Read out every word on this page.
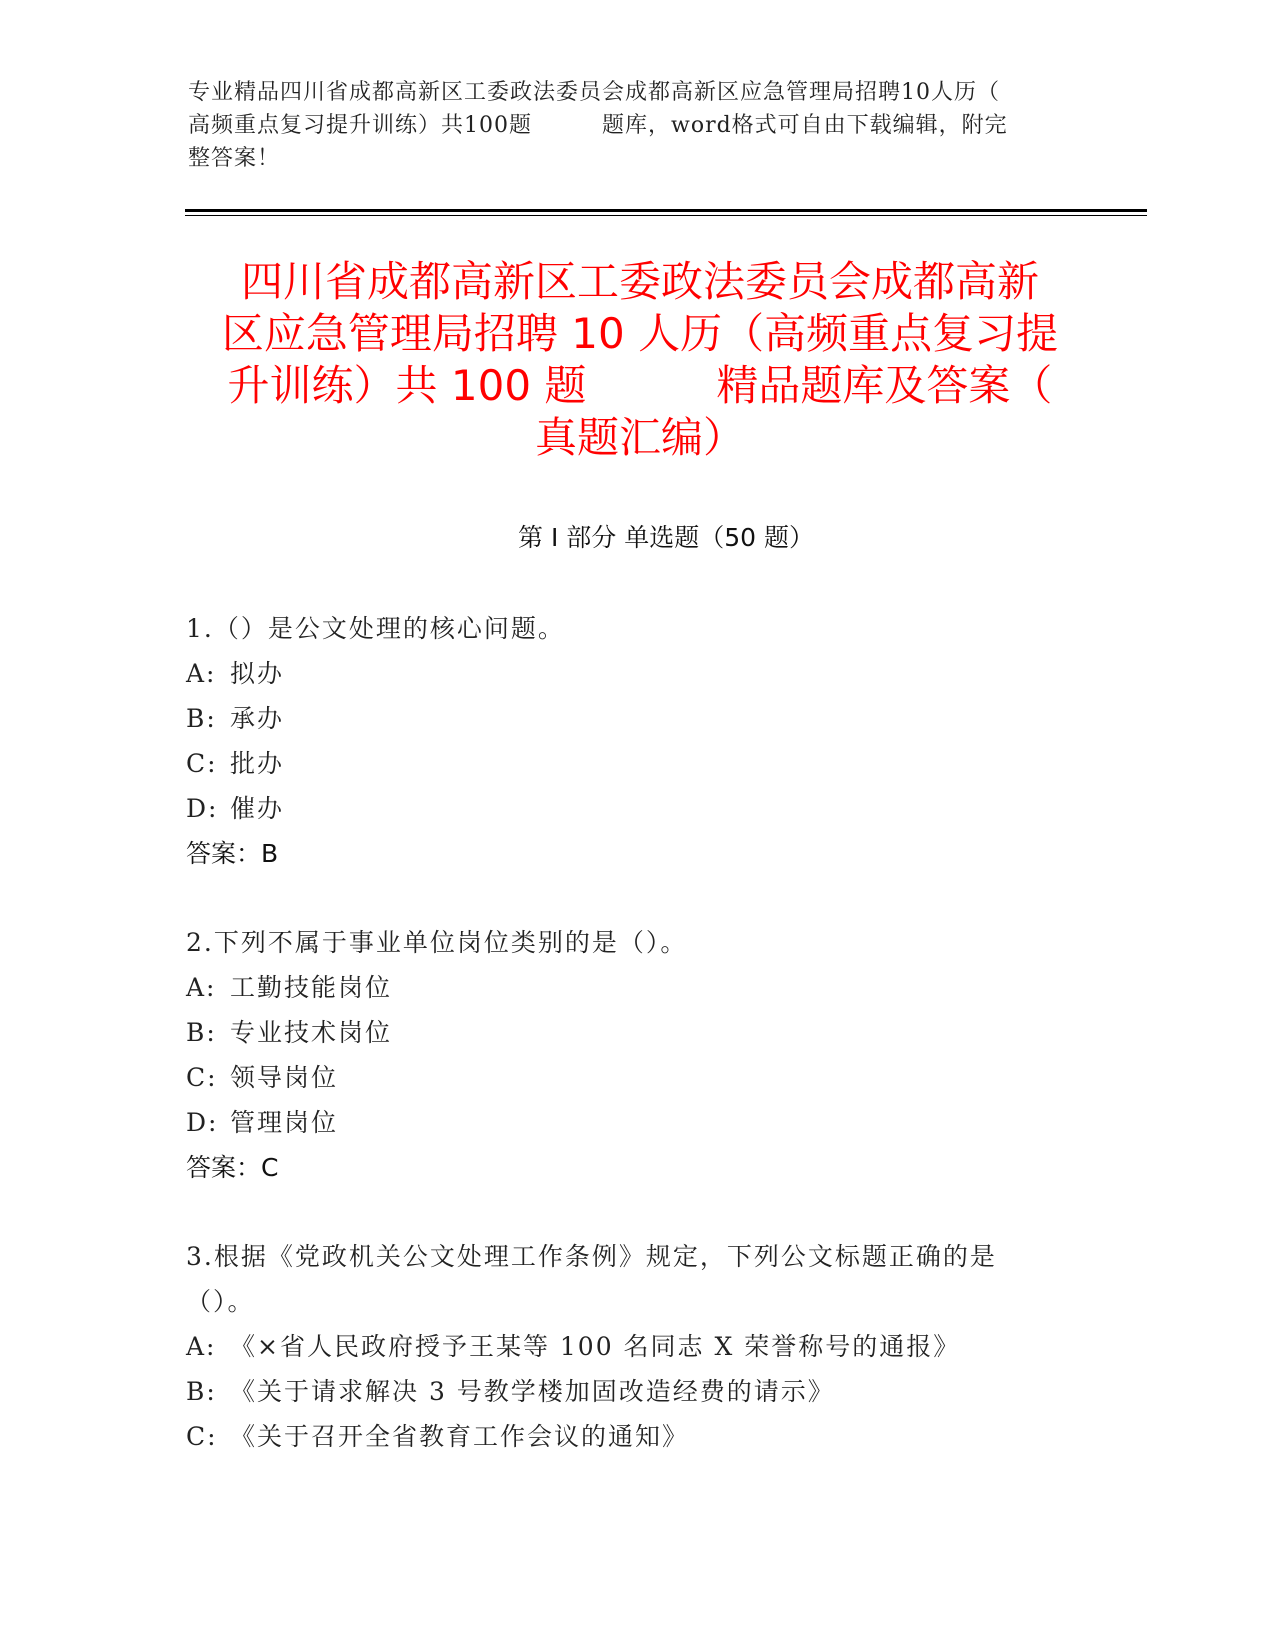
专业精品四川省成都高新区工委政法委员会成都高新区应急管理局招聘10人历（
高频重点复习提升训练）共100题	题库，word格式可自由下载编辑，附完
整答案！
四川省成都高新区工委政法委员会成都高新
区应急管理局招聘 10 人历（高频重点复习提
升训练）共 100 题	精品题库及答案（
真题汇编）
第 I 部分 单选题（50 题）
1.（）是公文处理的核心问题。
A: 拟办
B: 承办
C: 批办
D: 催办
答案：B
2.下列不属于事业单位岗位类别的是（）。
A: 工勤技能岗位
B: 专业技术岗位
C: 领导岗位
D: 管理岗位
答案：C
3.根据《党政机关公文处理工作条例》规定，下列公文标题正确的是
（）。
A: 《×省人民政府授予王某等 100 名同志 X 荣誉称号的通报》
B: 《关于请求解决 3 号教学楼加固改造经费的请示》
C: 《关于召开全省教育工作会议的通知》
